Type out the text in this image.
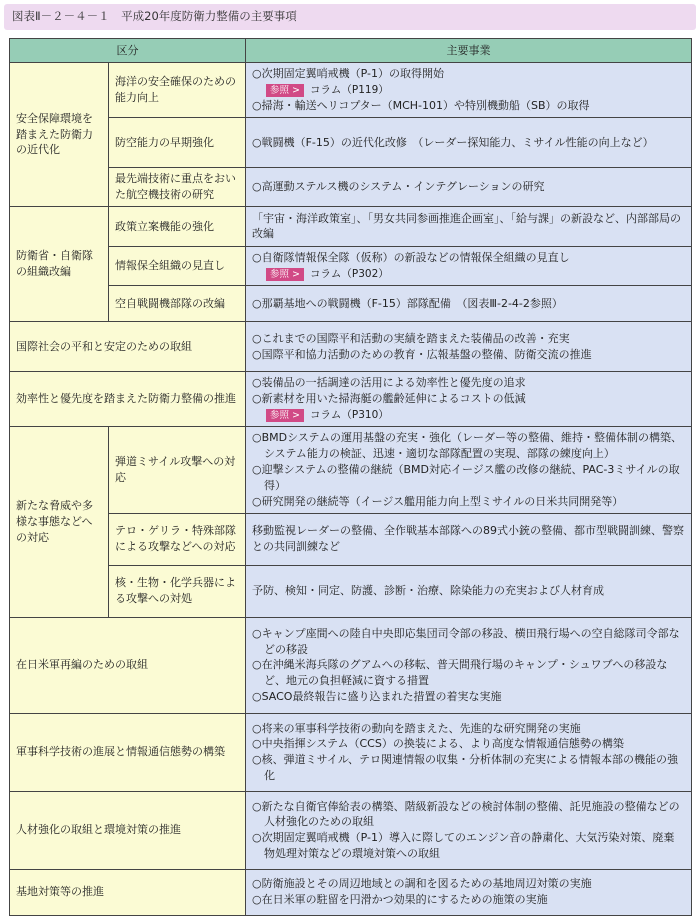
図表Ⅱ－２－４－１　平成20年度防衛力整備の主要事項
区分		主要事業
安全保障環境を踏まえた防衛力の近代化	海洋の安全確保のための能力向上	○次期固定翼哨戒機（P-1）の取得開始
参照 > コラム（P119）
○掃海・輸送ヘリコプター（MCH-101）や特別機動船（SB）の取得

	防空能力の早期強化	○戦闘機（F-15）の近代化改修　（レーダー探知能力、ミサイル性能の向上など）

	最先端技術に重点をおいた航空機技術の研究	○高運動ステルス機のシステム・インテグレーションの研究

防衛省・自衛隊の組織改編	政策立案機能の強化	「宇宙・海洋政策室」、「男女共同参画推進企画室」、「給与課」の新設など、内部部局の改編

	情報保全組織の見直し	○自衛隊情報保全隊（仮称）の新設などの情報保全組織の見直し
参照 > コラム（P302）

	空自戦闘機部隊の改編	○那覇基地への戦闘機（F-15）部隊配備　（図表Ⅲ-2-4-2参照）

国際社会の平和と安定のための取組		○これまでの国際平和活動の実績を踏まえた装備品の改善・充実
○国際平和協力活動のための教育・広報基盤の整備、防衛交流の推進

効率性と優先度を踏まえた防衛力整備の推進		○装備品の一括調達の活用による効率性と優先度の追求
○新素材を用いた掃海艇の艦齢延伸によるコストの低減
参照 > コラム（P310）

新たな脅威や多様な事態などへの対応	弾道ミサイル攻撃への対応	○BMDシステムの運用基盤の充実・強化（レーダー等の整備、維持・整備体制の構築、システム能力の検証、迅速・適切な部隊配置の実現、部隊の練度向上）
○迎撃システムの整備の継続（BMD対応イージス艦の改修の継続、PAC-3ミサイルの取得）
○研究開発の継続等（イージス艦用能力向上型ミサイルの日米共同開発等）

	テロ・ゲリラ・特殊部隊による攻撃などへの対応	移動監視レーダーの整備、全作戦基本部隊への89式小銃の整備、都市型戦闘訓練、警察との共同訓練など

	核・生物・化学兵器による攻撃への対処	予防、検知・同定、防護、診断・治療、除染能力の充実および人材育成

在日米軍再編のための取組		○キャンプ座間への陸自中央即応集団司令部の移設、横田飛行場への空自総隊司令部などの移設
○在沖縄米海兵隊のグアムへの移転、普天間飛行場のキャンプ・シュワブへの移設など、地元の負担軽減に資する措置
○SACO最終報告に盛り込まれた措置の着実な実施

軍事科学技術の進展と情報通信態勢の構築		○将来の軍事科学技術の動向を踏まえた、先進的な研究開発の実施
○中央指揮システム（CCS）の換装による、より高度な情報通信態勢の構築
○核、弾道ミサイル、テロ関連情報の収集・分析体制の充実による情報本部の機能の強化

人材強化の取組と環境対策の推進		○新たな自衛官俸給表の構築、階級新設などの検討体制の整備、託児施設の整備などの人材強化のための取組
○次期固定翼哨戒機（P-1）導入に際してのエンジン音の静粛化、大気汚染対策、廃棄物処理対策などの環境対策への取組

基地対策等の推進		○防衛施設とその周辺地域との調和を図るための基地周辺対策の実施
○在日米軍の駐留を円滑かつ効果的にするための施策の実施
